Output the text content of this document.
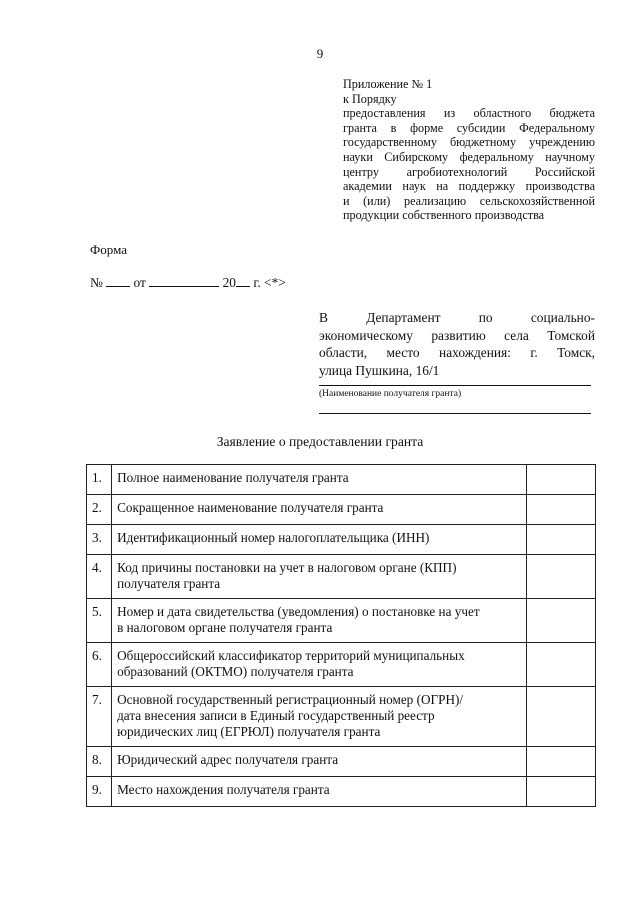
9
Приложение № 1
к Порядку
предоставления из областного бюджета
гранта в форме субсидии Федеральному
государственному бюджетному учреждению
науки Сибирскому федеральному научному
центру агробиотехнологий Российской
академии наук на поддержку производства
и (или) реализацию сельскохозяйственной
продукции собственного производства
Форма
№ от	20 г. <*>
В Департамент по социально-
экономическому развитию села Томской
области, место нахождения: г. Томск,
улица Пушкина, 16/1
(Наименование получателя гранта)
Заявление о предоставлении гранта
1.	Полное наименование получателя гранта	
2.	Сокращенное наименование получателя гранта	
3.	Идентификационный номер налогоплательщика (ИНН)	
4.	Код причины постановки на учет в налоговом органе (КПП)
получателя гранта	

5.	Номер и дата свидетельства (уведомления) о постановке на учет
в налоговом органе получателя гранта	

6.	Общероссийский классификатор территорий муниципальных
образований (ОКТМО) получателя гранта	

7.	Основной государственный регистрационный номер (ОГРН)/
дата внесения записи в Единый государственный реестр
юридических лиц (ЕГРЮЛ) получателя гранта	

8.	Юридический адрес получателя гранта	
9.	Место нахождения получателя гранта	
